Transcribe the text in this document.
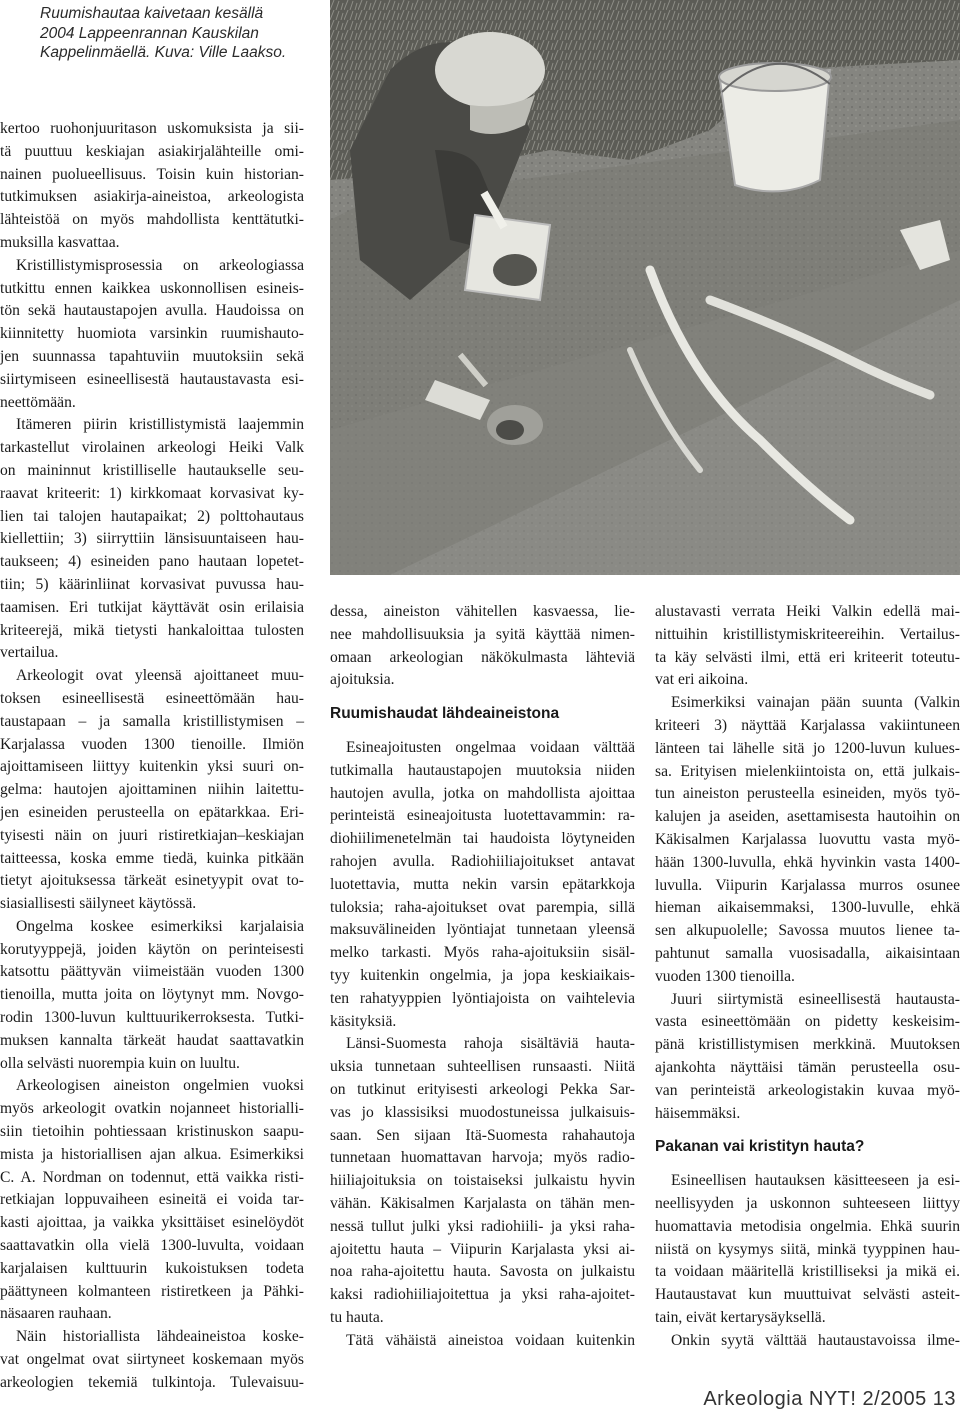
Ruumishautaa kaivetaan kesällä
2004 Lappeenrannan Kauskilan
Kappelinmäellä. Kuva: Ville Laakso.
kertoo ruohonjuuritason uskomuksista ja sii-
tä puuttuu keskiajan asiakirjalähteille omi-
nainen puolueellisuus. Toisin kuin historian-
tutkimuksen asiakirja-aineistoa, arkeologista
lähteistöä on myös mahdollista kenttätutki-
muksilla kasvattaa.
Kristillistymisprosessia on arkeologiassa
tutkittu ennen kaikkea uskonnollisen esineis-
tön sekä hautaustapojen avulla. Haudoissa on
kiinnitetty huomiota varsinkin ruumishauto-
jen suunnassa tapahtuviin muutoksiin sekä
siirtymiseen esineellisestä hautaustavasta esi-
neettömään.
Itämeren piirin kristillistymistä laajemmin
tarkastellut virolainen arkeologi Heiki Valk
on maininnut kristilliselle hautaukselle seu-
raavat kriteerit: 1) kirkkomaat korvasivat ky-
lien tai talojen hautapaikat; 2) polttohautaus
kiellettiin; 3) siirryttiin länsisuuntaiseen hau-
taukseen; 4) esineiden pano hautaan lopetet-
tiin; 5) käärinliinat korvasivat puvussa hau-
taamisen. Eri tutkijat käyttävät osin erilaisia
kriteerejä, mikä tietysti hankaloittaa tulosten
vertailua.
Arkeologit ovat yleensä ajoittaneet muu-
toksen esineellisestä esineettömään hau-
taustapaan – ja samalla kristillistymisen –
Karjalassa vuoden 1300 tienoille. Ilmiön
ajoittamiseen liittyy kuitenkin yksi suuri on-
gelma: hautojen ajoittaminen niihin laitettu-
jen esineiden perusteella on epätarkkaa. Eri-
tyisesti näin on juuri ristiretkiajan–keskiajan
taitteessa, koska emme tiedä, kuinka pitkään
tietyt ajoituksessa tärkeät esinetyypit ovat to-
siasiallisesti säilyneet käytössä.
Ongelma koskee esimerkiksi karjalaisia
korutyyppejä, joiden käytön on perinteisesti
katsottu päättyvän viimeistään vuoden 1300
tienoilla, mutta joita on löytynyt mm. Novgo-
rodin 1300-luvun kulttuurikerroksesta. Tutki-
muksen kannalta tärkeät haudat saattavatkin
olla selvästi nuorempia kuin on luultu.
Arkeologisen aineiston ongelmien vuoksi
myös arkeologit ovatkin nojanneet historialli-
siin tietoihin pohtiessaan kristinuskon saapu-
mista ja historiallisen ajan alkua. Esimerkiksi
C. A. Nordman on todennut, että vaikka risti-
retkiajan loppuvaiheen esineitä ei voida tar-
kasti ajoittaa, ja vaikka yksittäiset esinelöydöt
saattavatkin olla vielä 1300-luvulta, voidaan
karjalaisen kulttuurin kukoistuksen todeta
päättyneen kolmanteen ristiretkeen ja Pähki-
näsaaren rauhaan.
Näin historiallista lähdeaineistoa koske-
vat ongelmat ovat siirtyneet koskemaan myös
arkeologien tekemiä tulkintoja. Tulevaisuu-
dessa, aineiston vähitellen kasvaessa, lie-
nee mahdollisuuksia ja syitä käyttää nimen-
omaan arkeologian näkökulmasta lähteviä
ajoituksia.

Ruumishaudat lähdeaineistona

Esineajoitusten ongelmaa voidaan välttää
tutkimalla hautaustapojen muutoksia niiden
hautojen avulla, jotka on mahdollista ajoittaa
perinteistä esineajoitusta luotettavammin: ra-
diohiilimenetelmän tai haudoista löytyneiden
rahojen avulla. Radiohiiliajoitukset antavat
luotettavia, mutta nekin varsin epätarkkoja
tuloksia; raha-ajoitukset ovat parempia, sillä
maksuvälineiden lyöntiajat tunnetaan yleensä
melko tarkasti. Myös raha-ajoituksiin sisäl-
tyy kuitenkin ongelmia, ja jopa keskiaikais-
ten rahatyyppien lyöntiajoista on vaihtelevia
käsityksiä.
Länsi-Suomesta rahoja sisältäviä hauta-
uksia tunnetaan suhteellisen runsaasti. Niitä
on tutkinut erityisesti arkeologi Pekka Sar-
vas jo klassisiksi muodostuneissa julkaisuis-
saan. Sen sijaan Itä-Suomesta rahahautoja
tunnetaan huomattavan harvoja; myös radio-
hiiliajoituksia on toistaiseksi julkaistu hyvin
vähän. Käkisalmen Karjalasta on tähän men-
nessä tullut julki yksi radiohiili- ja yksi raha-
ajoitettu hauta – Viipurin Karjalasta yksi ai-
noa raha-ajoitettu hauta. Savosta on julkaistu
kaksi radiohiiliajoitettua ja yksi raha-ajoitet-
tu hauta.
Tätä vähäistä aineistoa voidaan kuitenkin
alustavasti verrata Heiki Valkin edellä mai-
nittuihin kristillistymiskriteereihin. Vertailus-
ta käy selvästi ilmi, että eri kriteerit toteutu-
vat eri aikoina.
Esimerkiksi vainajan pään suunta (Valkin
kriteeri 3) näyttää Karjalassa vakiintuneen
länteen tai lähelle sitä jo 1200-luvun kulues-
sa. Erityisen mielenkiintoista on, että julkais-
tun aineiston perusteella esineiden, myös työ-
kalujen ja aseiden, asettamisesta hautoihin on
Käkisalmen Karjalassa luovuttu vasta myö-
hään 1300-luvulla, ehkä hyvinkin vasta 1400-
luvulla. Viipurin Karjalassa murros osunee
hieman aikaisemmaksi, 1300-luvulle, ehkä
sen alkupuolelle; Savossa muutos lienee ta-
pahtunut samalla vuosisadalla, aikaisintaan
vuoden 1300 tienoilla.
Juuri siirtymistä esineellisestä hautausta-
vasta esineettömään on pidetty keskeisim-
pänä kristillistymisen merkkinä. Muutoksen
ajankohta näyttäisi tämän perusteella osu-
van perinteistä arkeologistakin kuvaa myö-
häisemmäksi.

Pakanan vai kristityn hauta?

Esineellisen hautauksen käsitteeseen ja esi-
neellisyyden ja uskonnon suhteeseen liittyy
huomattavia metodisia ongelmia. Ehkä suurin
niistä on kysymys siitä, minkä tyyppinen hau-
ta voidaan määritellä kristilliseksi ja mikä ei.
Hautaustavat kun muuttuivat selvästi asteit-
tain, eivät kertarysäyksellä.
Onkin syytä välttää hautaustavoissa ilme-
Arkeologia NYT! 2/2005 13
